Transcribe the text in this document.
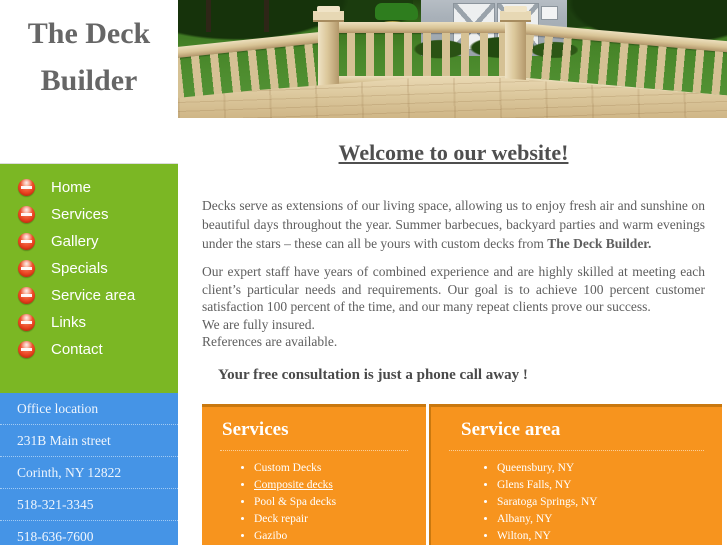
The Deck
Builder
Home
Services
Gallery
Specials
Service area
Links
Contact
Office location
231B Main street
Corinth, NY 12822
518-321-3345
518-636-7600
Welcome to our website!

Decks serve as extensions of our living space, allowing us to enjoy fresh air and sunshine on beautiful days throughout the year. Summer barbecues, backyard parties and warm evenings under the stars – these can all be yours with custom decks from The Deck Builder.

Our expert staff have years of combined experience and are highly skilled at meeting each client’s particular needs and requirements. Our goal is to achieve 100 percent customer satisfaction 100 percent of the time, and our many repeat clients prove our success.

We are fully insured.
References are available.
Your free consultation is just a phone call away !
Services
• Custom Decks
• Composite decks
• Pool & Spa decks
• Deck repair
• Gazibo
Service area
• Queensbury, NY
• Glens Falls, NY
• Saratoga Springs, NY
• Albany, NY
• Wilton, NY
